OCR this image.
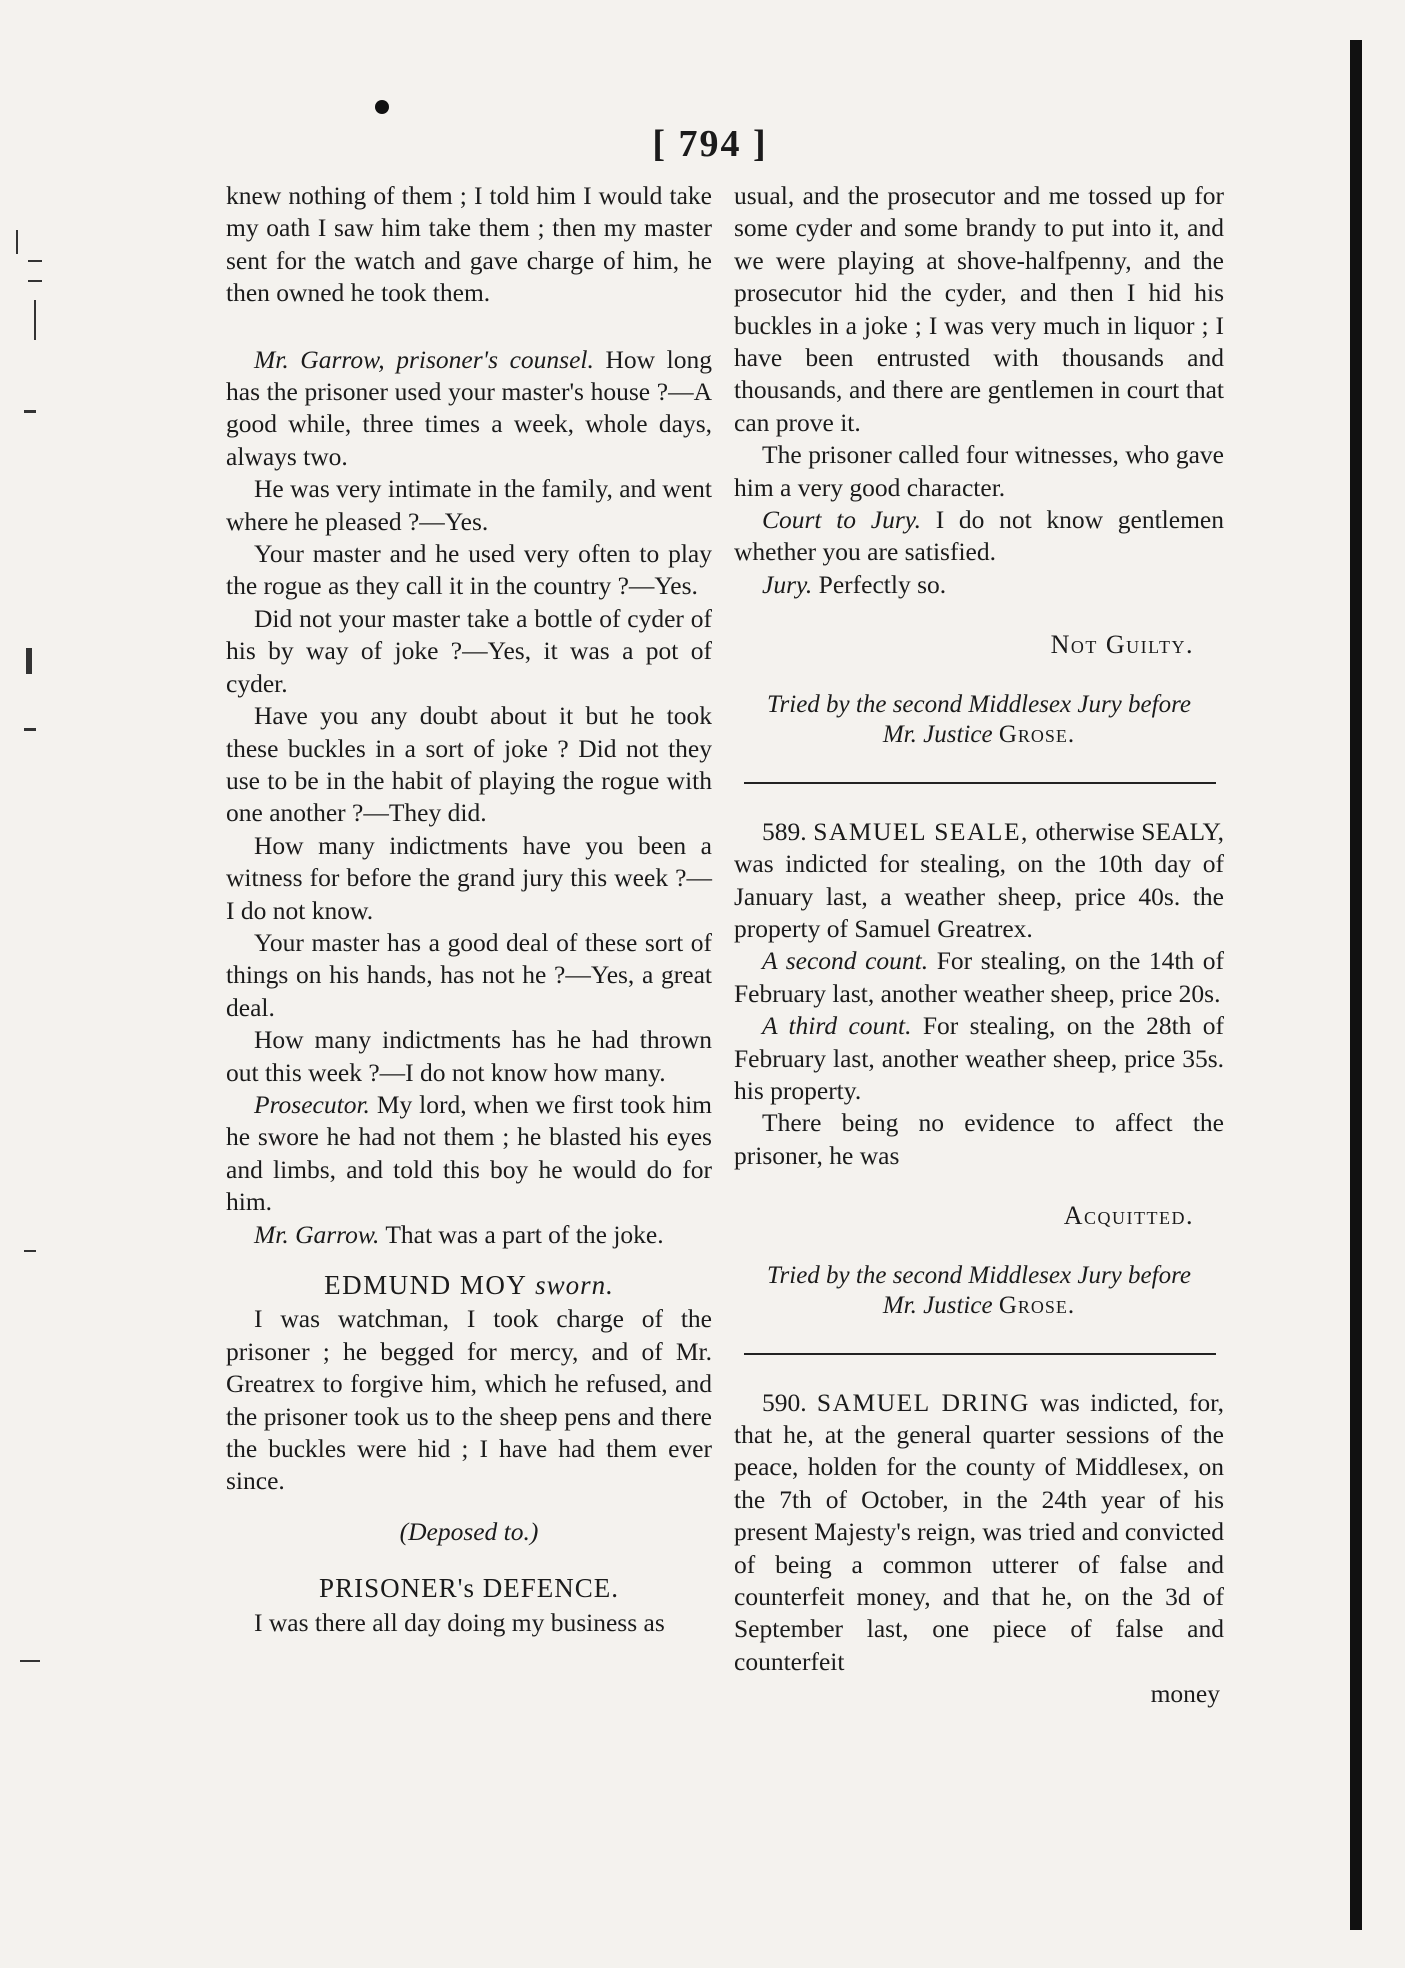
[ 794 ]

knew nothing of them ; I told him I would take my oath I saw him take them ; then my master sent for the watch and gave charge of him, he then owned he took them.

Mr. Garrow, prisoner's counsel. How long has the prisoner used your master's house ?—A good while, three times a week, whole days, always two.

He was very intimate in the family, and went where he pleased ?—Yes.

Your master and he used very often to play the rogue as they call it in the country ?—Yes.

Did not your master take a bottle of cyder of his by way of joke ?—Yes, it was a pot of cyder.

Have you any doubt about it but he took these buckles in a sort of joke ? Did not they use to be in the habit of playing the rogue with one another ?—They did.

How many indictments have you been a witness for before the grand jury this week ?—I do not know.

Your master has a good deal of these sort of things on his hands, has not he ?—Yes, a great deal.

How many indictments has he had thrown out this week ?—I do not know how many.

Prosecutor. My lord, when we first took him he swore he had not them ; he blasted his eyes and limbs, and told this boy he would do for him.

Mr. Garrow. That was a part of the joke.

EDMUND MOY sworn.

I was watchman, I took charge of the prisoner ; he begged for mercy, and of Mr. Greatrex to forgive him, which he refused, and the prisoner took us to the sheep pens and there the buckles were hid ; I have had them ever since.

(Deposed to.)
PRISONER's DEFENCE.

I was there all day doing my business as

usual, and the prosecutor and me tossed up for some cyder and some brandy to put into it, and we were playing at shove-halfpenny, and the prosecutor hid the cyder, and then I hid his buckles in a joke ; I was very much in liquor ; I have been entrusted with thousands and thousands, and there are gentlemen in court that can prove it.

The prisoner called four witnesses, who gave him a very good character.

Court to Jury. I do not know gentlemen whether you are satisfied.

Jury. Perfectly so.

Not Guilty.
Tried by the second Middlesex Jury before
Mr. Justice Grose.

589. SAMUEL SEALE, otherwise SEALY, was indicted for stealing, on the 10th day of January last, a weather sheep, price 40s. the property of Samuel Greatrex.

A second count. For stealing, on the 14th of February last, another weather sheep, price 20s.

A third count. For stealing, on the 28th of February last, another weather sheep, price 35s. his property.

There being no evidence to affect the prisoner, he was

Acquitted.
Tried by the second Middlesex Jury before
Mr. Justice Grose.

590. SAMUEL DRING was indicted, for, that he, at the general quarter sessions of the peace, holden for the county of Middlesex, on the 7th of October, in the 24th year of his present Majesty's reign, was tried and convicted of being a common utterer of false and counterfeit money, and that he, on the 3d of September last, one piece of false and counterfeit

money
